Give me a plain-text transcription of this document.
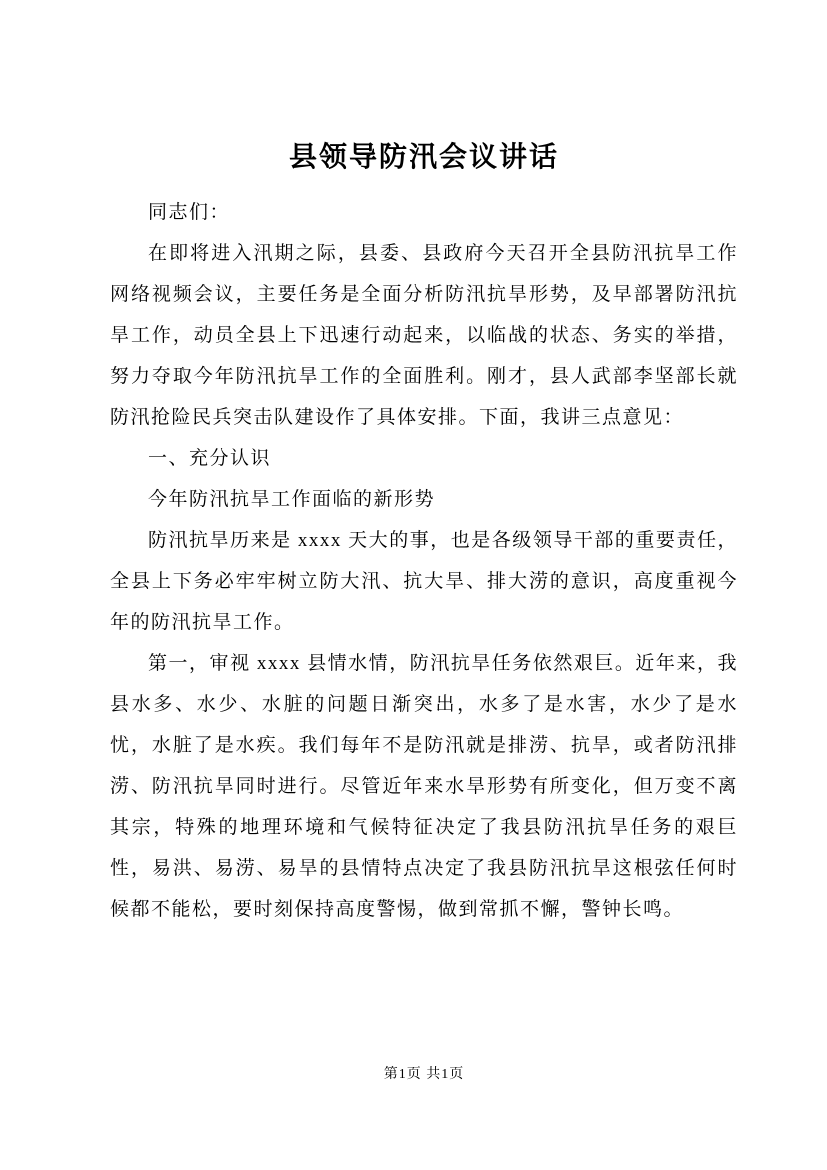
县领导防汛会议讲话

同志们：

在即将进入汛期之际，县委、县政府今天召开全县防汛抗旱工作网络视频会议，主要任务是全面分析防汛抗旱形势，及早部署防汛抗旱工作，动员全县上下迅速行动起来，以临战的状态、务实的举措，努力夺取今年防汛抗旱工作的全面胜利。刚才，县人武部李坚部长就防汛抢险民兵突击队建设作了具体安排。下面，我讲三点意见：

一、充分认识

今年防汛抗旱工作面临的新形势

防汛抗旱历来是 xxxx 天大的事，也是各级领导干部的重要责任，全县上下务必牢牢树立防大汛、抗大旱、排大涝的意识，高度重视今年的防汛抗旱工作。

第一，审视 xxxx 县情水情，防汛抗旱任务依然艰巨。近年来，我县水多、水少、水脏的问题日渐突出，水多了是水害，水少了是水忧，水脏了是水疾。我们每年不是防汛就是排涝、抗旱，或者防汛排涝、防汛抗旱同时进行。尽管近年来水旱形势有所变化，但万变不离其宗，特殊的地理环境和气候特征决定了我县防汛抗旱任务的艰巨性，易洪、易涝、易旱的县情特点决定了我县防汛抗旱这根弦任何时候都不能松，要时刻保持高度警惕，做到常抓不懈，警钟长鸣。

第1页 共1页
